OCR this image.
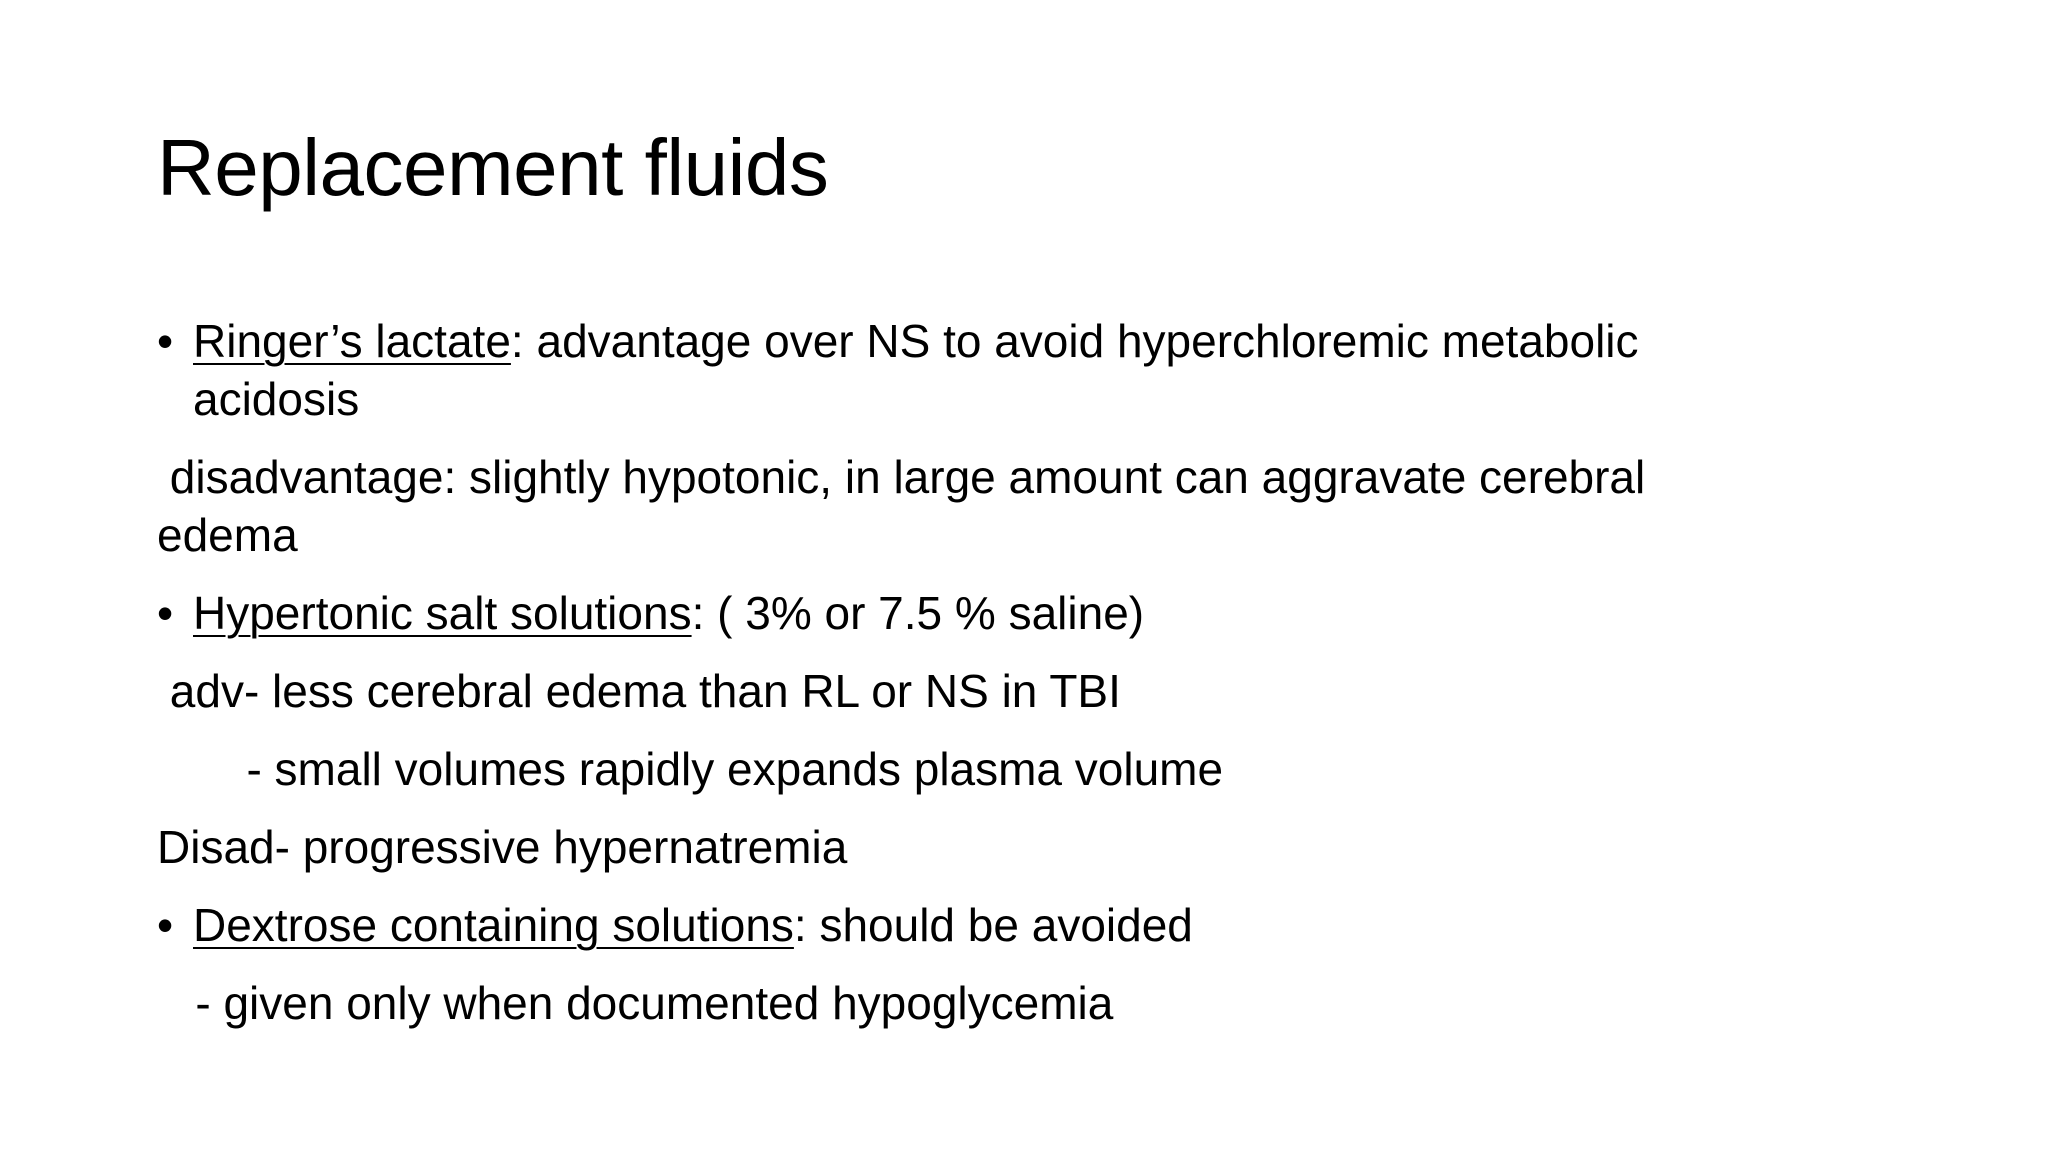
Replacement fluids
• Ringer’s lactate: advantage over NS to avoid hyperchloremic metabolic
acidosis
disadvantage: slightly hypotonic, in large amount can aggravate cerebral
edema
• Hypertonic salt solutions: ( 3% or 7.5 % saline)
adv- less cerebral edema than RL or NS in TBI
- small volumes rapidly expands plasma volume
Disad- progressive hypernatremia
• Dextrose containing solutions: should be avoided
- given only when documented hypoglycemia
